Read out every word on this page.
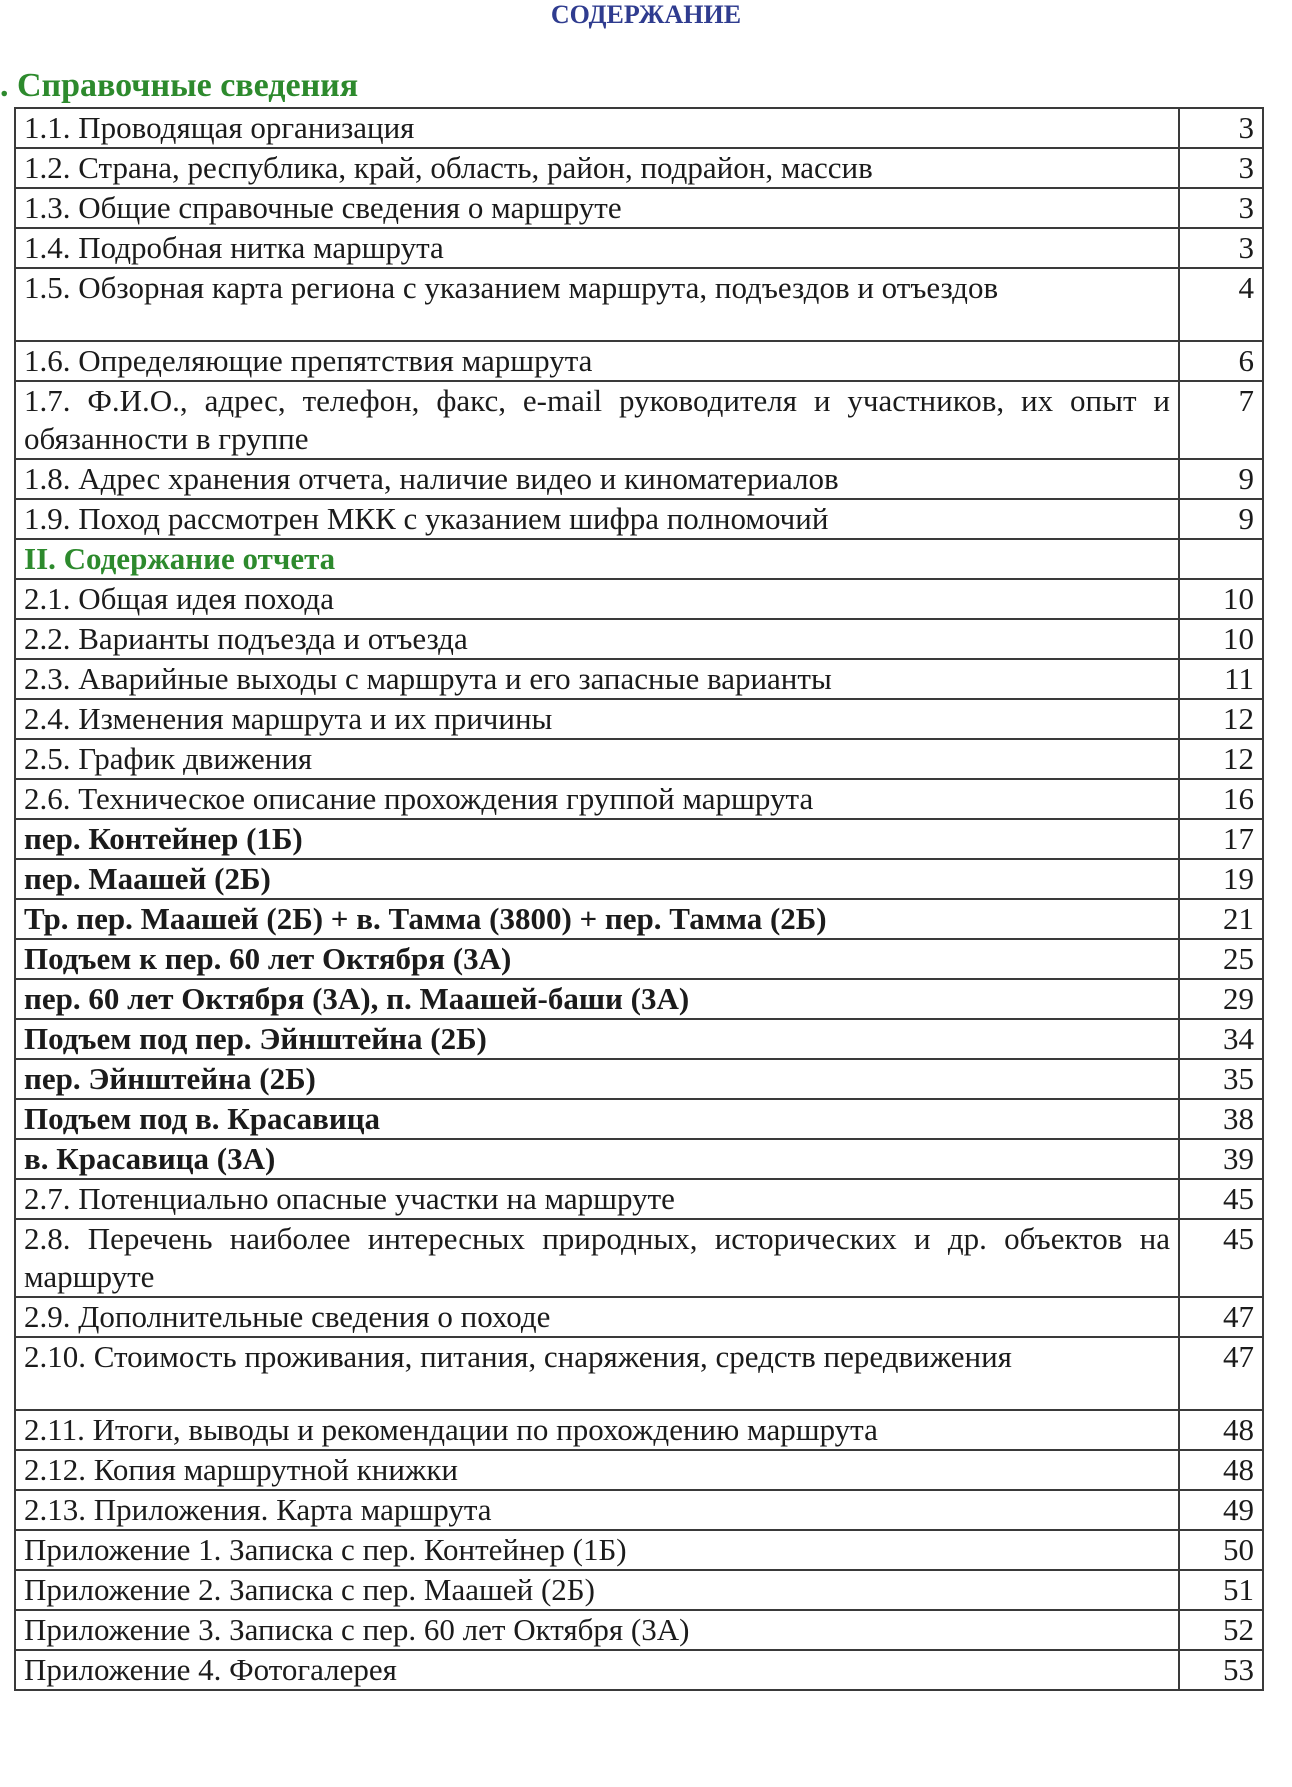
СОДЕРЖАНИЕ
. Справочные сведения
1.1. Проводящая организация	3
1.2. Страна, республика, край, область, район, подрайон, массив	3
1.3. Общие справочные сведения о маршруте	3
1.4. Подробная нитка маршрута	3
1.5. Обзорная карта региона с указанием маршрута, подъездов и отъездов	4
1.6. Определяющие препятствия маршрута	6
1.7. Ф.И.О., адрес, телефон, факс, e-mail руководителя и участников, их опыт и обязанности в группе	7
1.8. Адрес хранения отчета, наличие видео и киноматериалов	9
1.9. Поход рассмотрен МКК с указанием шифра полномочий	9
II. Содержание отчета	
2.1. Общая идея похода	10
2.2. Варианты подъезда и отъезда	10
2.3. Аварийные выходы с маршрута и его запасные варианты	11
2.4. Изменения маршрута и их причины	12
2.5. График движения	12
2.6. Техническое описание прохождения группой маршрута	16
пер. Контейнер (1Б)	17
пер. Маашей (2Б)	19
Тр. пер. Маашей (2Б) + в. Тамма (3800) + пер. Тамма (2Б)	21
Подъем к пер. 60 лет Октября (3А)	25
пер. 60 лет Октября (3А), п. Маашей-баши (3А)	29
Подъем под пер. Эйнштейна (2Б)	34
пер. Эйнштейна (2Б)	35
Подъем под в. Красавица	38
в. Красавица (3А)	39
2.7. Потенциально опасные участки на маршруте	45
2.8. Перечень наиболее интересных природных, исторических и др. объектов на маршруте	45
2.9. Дополнительные сведения о походе	47
2.10. Стоимость проживания, питания, снаряжения, средств передвижения	47
2.11. Итоги, выводы и рекомендации по прохождению маршрута	48
2.12. Копия маршрутной книжки	48
2.13. Приложения. Карта маршрута	49
Приложение 1. Записка с пер. Контейнер (1Б)	50
Приложение 2. Записка с пер. Маашей (2Б)	51
Приложение 3. Записка с пер. 60 лет Октября (3А)	52
Приложение 4. Фотогалерея	53
